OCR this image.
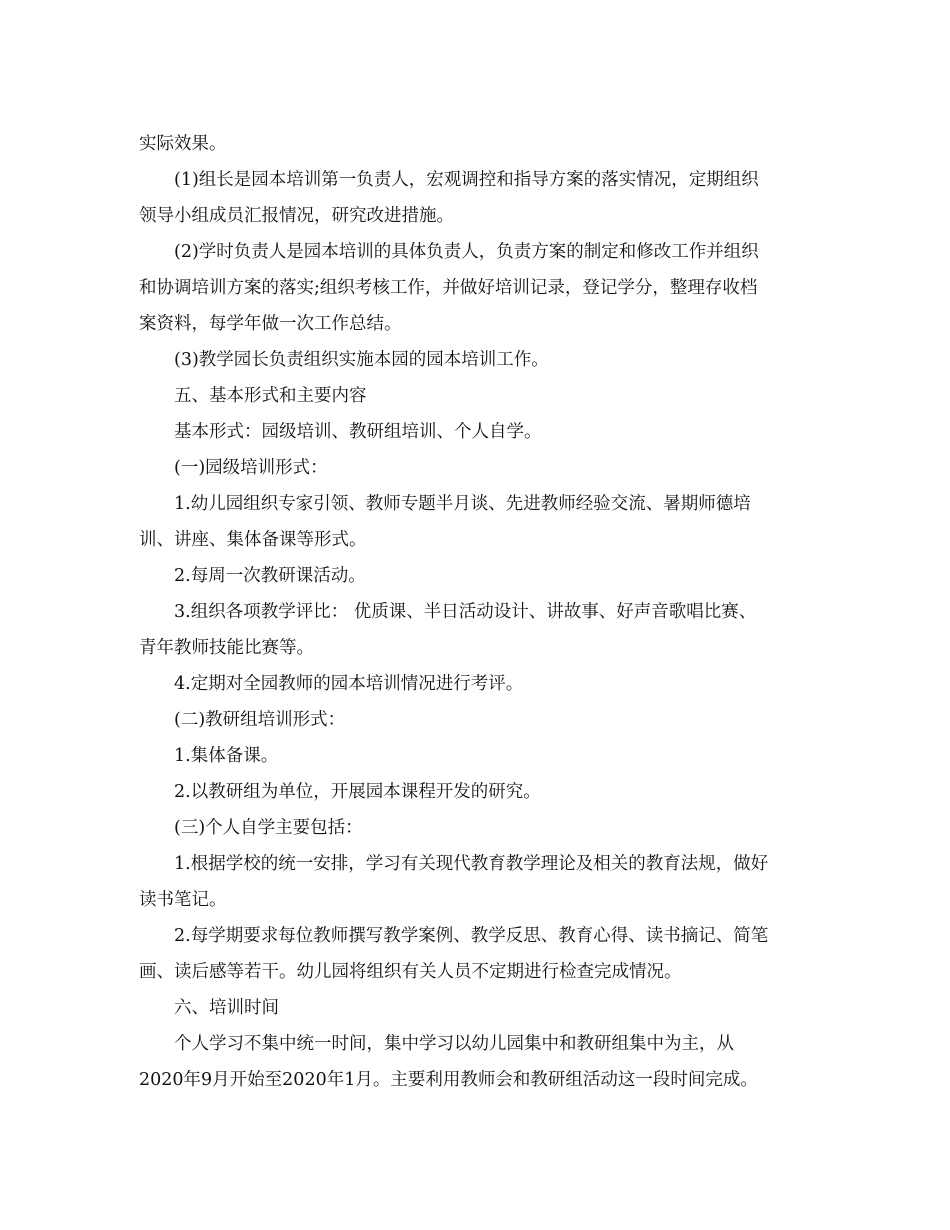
实际效果。
(1)组长是园本培训第一负责人，宏观调控和指导方案的落实情况，定期组织
领导小组成员汇报情况，研究改进措施。
(2)学时负责人是园本培训的具体负责人，负责方案的制定和修改工作并组织
和协调培训方案的落实;组织考核工作，并做好培训记录，登记学分，整理存收档
案资料，每学年做一次工作总结。
(3)教学园长负责组织实施本园的园本培训工作。
五、基本形式和主要内容
基本形式：园级培训、教研组培训、个人自学。
(一)园级培训形式：
1.幼儿园组织专家引领、教师专题半月谈、先进教师经验交流、暑期师德培
训、讲座、集体备课等形式。
2.每周一次教研课活动。
3.组织各项教学评比： 优质课、半日活动设计、讲故事、好声音歌唱比赛、
青年教师技能比赛等。
4.定期对全园教师的园本培训情况进行考评。
(二)教研组培训形式：
1.集体备课。
2.以教研组为单位，开展园本课程开发的研究。
(三)个人自学主要包括：
1.根据学校的统一安排，学习有关现代教育教学理论及相关的教育法规，做好
读书笔记。
2.每学期要求每位教师撰写教学案例、教学反思、教育心得、读书摘记、简笔
画、读后感等若干。幼儿园将组织有关人员不定期进行检查完成情况。
六、培训时间
个人学习不集中统一时间，集中学习以幼儿园集中和教研组集中为主，从
2020年9月开始至2020年1月。主要利用教师会和教研组活动这一段时间完成。
